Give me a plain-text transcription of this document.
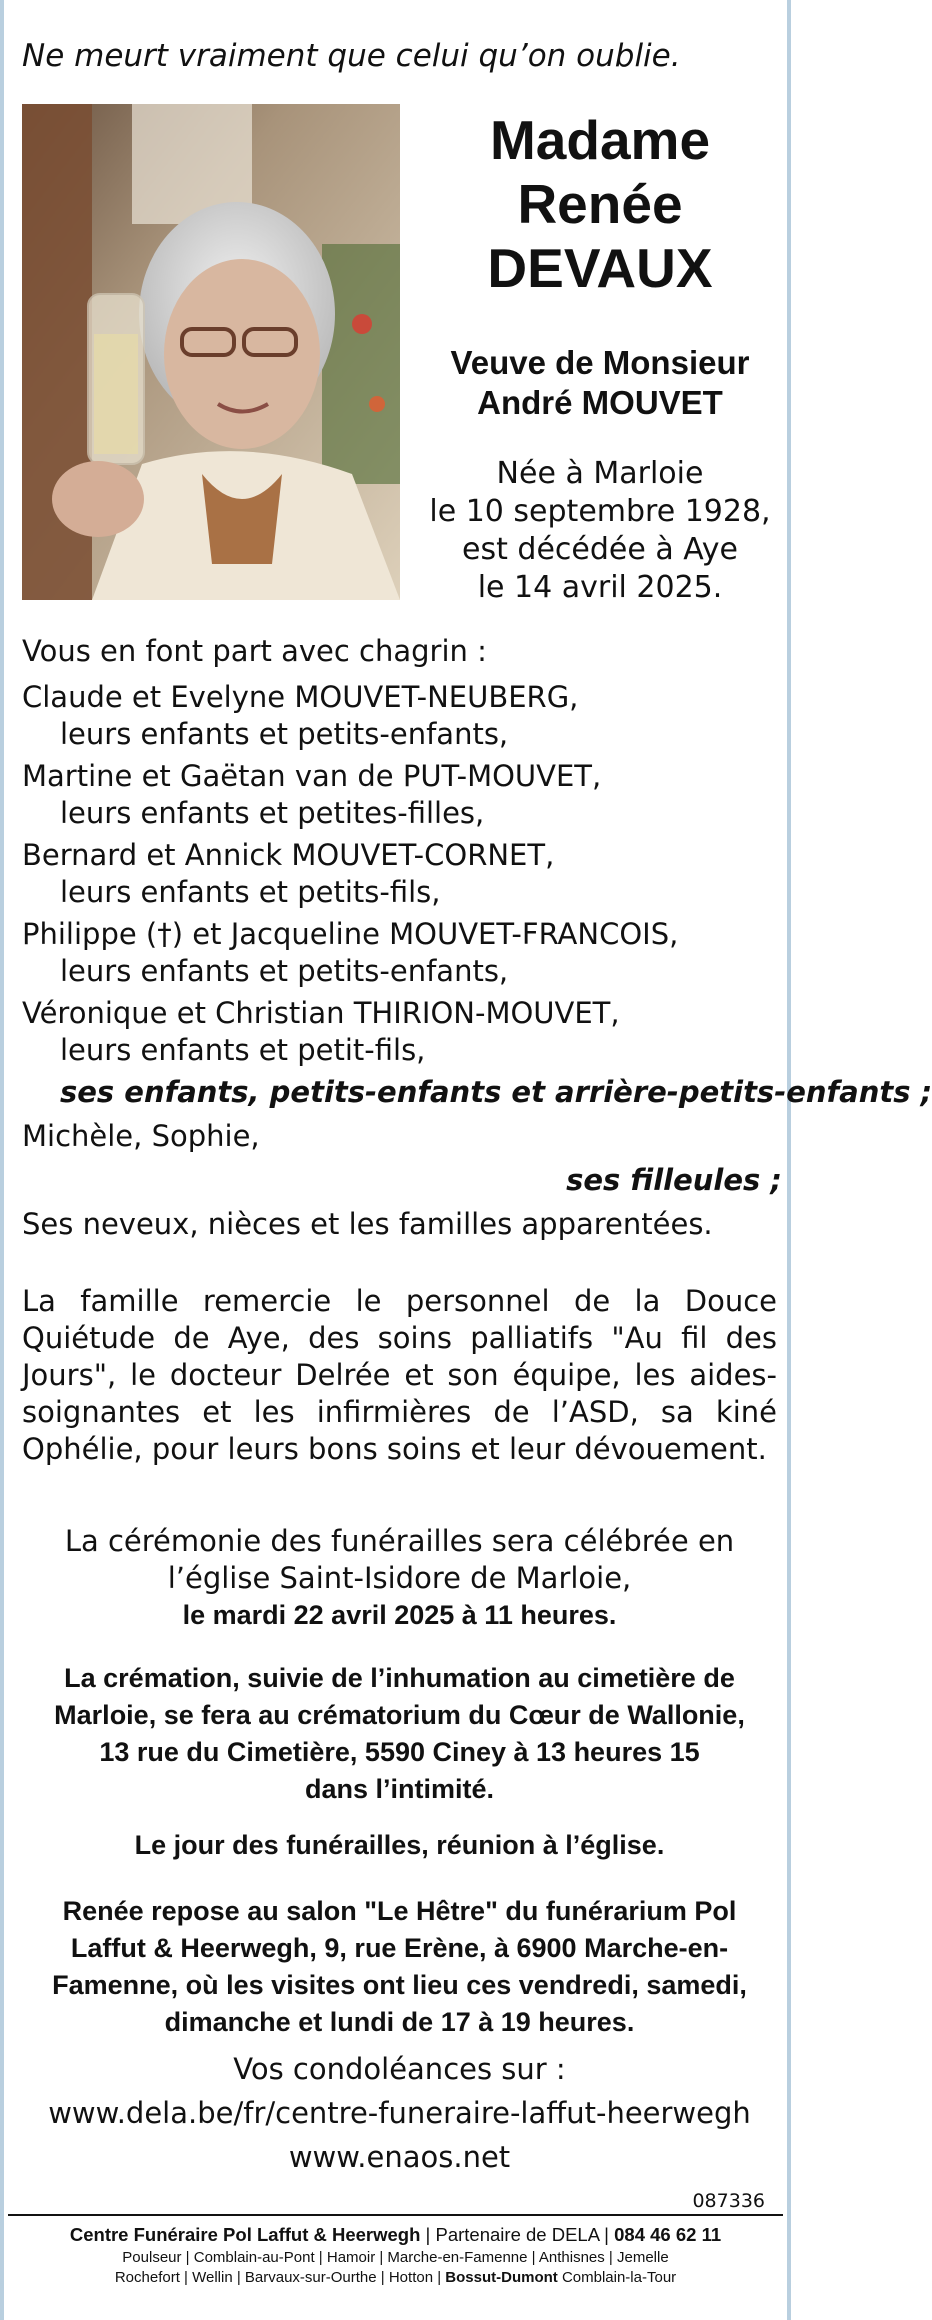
Ne meurt vraiment que celui qu’on oublie.
Madame
Renée
DEVAUX
Veuve de Monsieur
André MOUVET
Née à Marloie
le 10 septembre 1928,
est décédée à Aye
le 14 avril 2025.
Vous en font part avec chagrin :
Claude et Evelyne MOUVET-NEUBERG,
leurs enfants et petits-enfants,
Martine et Gaëtan van de PUT-MOUVET,
leurs enfants et petites-filles,
Bernard et Annick MOUVET-CORNET,
leurs enfants et petits-fils,
Philippe (†) et Jacqueline MOUVET-FRANCOIS,
leurs enfants et petits-enfants,
Véronique et Christian THIRION-MOUVET,
leurs enfants et petit-fils,
ses enfants, petits-enfants et arrière-petits-enfants ;
Michèle, Sophie,
ses filleules ;
Ses neveux, nièces et les familles apparentées.
La famille remercie le personnel de la Douce Quiétude de Aye, des soins palliatifs "Au fil des Jours", le docteur Delrée et son équipe, les aides-soignantes et les infirmières de l’ASD, sa kiné Ophélie, pour leurs bons soins et leur dévouement.
La cérémonie des funérailles sera célébrée en
l’église Saint-Isidore de Marloie,
le mardi 22 avril 2025 à 11 heures.
La crémation, suivie de l’inhumation au cimetière de
Marloie, se fera au crématorium du Cœur de Wallonie,
13 rue du Cimetière, 5590 Ciney à 13 heures 15
dans l’intimité.
Le jour des funérailles, réunion à l’église.
Renée repose au salon "Le Hêtre" du funérarium Pol
Laffut & Heerwegh, 9, rue Erène, à 6900 Marche-en-
Famenne, où les visites ont lieu ces vendredi, samedi,
dimanche et lundi de 17 à 19 heures.
Vos condoléances sur :
www.dela.be/fr/centre-funeraire-laffut-heerwegh
www.enaos.net
087336
Centre Funéraire Pol Laffut & Heerwegh | Partenaire de DELA | 084 46 62 11
Poulseur | Comblain-au-Pont | Hamoir | Marche-en-Famenne | Anthisnes | Jemelle
Rochefort | Wellin | Barvaux-sur-Ourthe | Hotton | Bossut-Dumont Comblain-la-Tour
